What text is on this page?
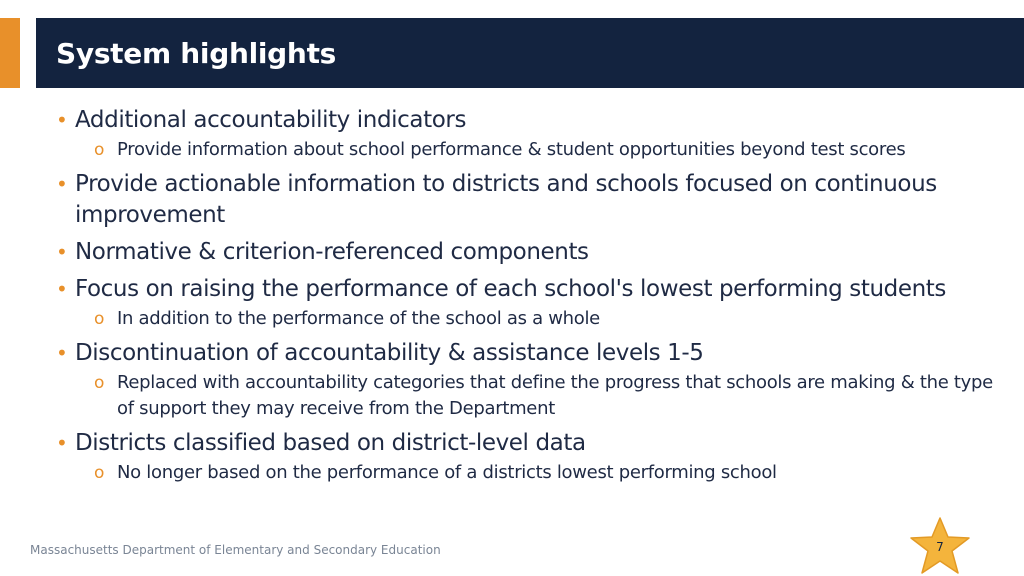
System highlights
• Additional accountability indicators
o Provide information about school performance & student opportunities beyond test scores
• Provide actionable information to districts and schools focused on continuous improvement
• Normative & criterion-referenced components
• Focus on raising the performance of each school's lowest performing students
o In addition to the performance of the school as a whole
• Discontinuation of accountability & assistance levels 1-5
o Replaced with accountability categories that define the progress that schools are making & the type of support they may receive from the Department
• Districts classified based on district-level data
o No longer based on the performance of a districts lowest performing school
Massachusetts Department of Elementary and Secondary Education	7
